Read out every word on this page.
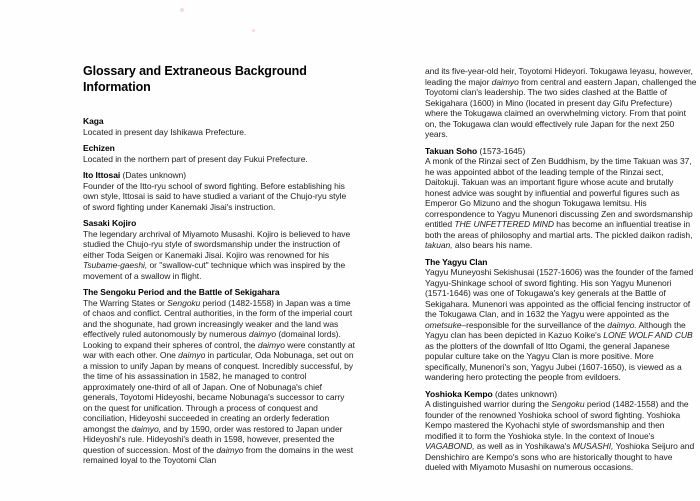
Glossary and Extraneous Background
Information
Kaga

Located in present day Ishikawa Prefecture.

Echizen

Located in the northern part of present day Fukui Prefecture.

Ito Ittosai (Dates unknown)

Founder of the Itto-ryu school of sword fighting. Before establishing his own style, Ittosai is said to have studied a variant of the Chujo-ryu style of sword fighting under Kanemaki Jisai's instruction.

Sasaki Kojiro

The legendary archrival of Miyamoto Musashi. Kojiro is believed to have studied the Chujo-ryu style of swordsmanship under the instruction of either Toda Seigen or Kanemaki Jisai. Kojiro was renowned for his Tsubame-gaeshi, or "swallow-cut" technique which was inspired by the movement of a swallow in flight.

The Sengoku Period and the Battle of Sekigahara

The Warring States or Sengoku period (1482-1558) in Japan was a time of chaos and conflict. Central authorities, in the form of the imperial court and the shogunate, had grown increasingly weaker and the land was effectively ruled autonomously by numerous daimyo (domainal lords). Looking to expand their spheres of control, the daimyo were constantly at war with each other. One daimyo in particular, Oda Nobunaga, set out on a mission to unify Japan by means of conquest. Incredibly successful, by the time of his assassination in 1582, he managed to control approximately one-third of all of Japan. One of Nobunaga's chief generals, Toyotomi Hideyoshi, became Nobunaga's successor to carry on the quest for unification. Through a process of conquest and conciliation, Hideyoshi succeeded in creating an orderly federation amongst the daimyo, and by 1590, order was restored to Japan under Hideyoshi's rule. Hideyoshi's death in 1598, however, presented the question of succession. Most of the daimyo from the domains in the west remained loyal to the Toyotomi Clan

and its five-year-old heir, Toyotomi Hideyori. Tokugawa Ieyasu, however, leading the major daimyo from central and eastern Japan, challenged the Toyotomi clan's leadership. The two sides clashed at the Battle of Sekigahara (1600) in Mino (located in present day Gifu Prefecture) where the Tokugawa claimed an overwhelming victory. From that point on, the Tokugawa clan would effectively rule Japan for the next 250 years.

Takuan Soho (1573-1645)

A monk of the Rinzai sect of Zen Buddhism, by the time Takuan was 37, he was appointed abbot of the leading temple of the Rinzai sect, Daitokuji. Takuan was an important figure whose acute and brutally honest advice was sought by influential and powerful figures such as Emperor Go Mizuno and the shogun Tokugawa Iemitsu. His correspondence to Yagyu Munenori discussing Zen and swordsmanship entitled THE UNFETTERED MIND has become an influential treatise in both the areas of philosophy and martial arts. The pickled daikon radish, takuan, also bears his name.

The Yagyu Clan

Yagyu Muneyoshi Sekishusai (1527-1606) was the founder of the famed Yagyu-Shinkage school of sword fighting. His son Yagyu Munenori (1571-1646) was one of Tokugawa's key generals at the Battle of Sekigahara. Munenori was appointed as the official fencing instructor of the Tokugawa Clan, and in 1632 the Yagyu were appointed as the ometsuke–responsible for the surveillance of the daimyo. Although the Yagyu clan has been depicted in Kazuo Koike's LONE WOLF AND CUB as the plotters of the downfall of Itto Ogami, the general Japanese popular culture take on the Yagyu Clan is more positive. More specifically, Munenori's son, Yagyu Jubei (1607-1650), is viewed as a wandering hero protecting the people from evildoers.

Yoshioka Kempo (dates unknown)

A distinguished warrior during the Sengoku period (1482-1558) and the founder of the renowned Yoshioka school of sword fighting. Yoshioka Kempo mastered the Kyohachi style of swordsmanship and then modified it to form the Yoshioka style. In the context of Inoue's VAGABOND, as well as in Yoshikawa's MUSASHI, Yoshioka Seijuro and Denshichiro are Kempo's sons who are historically thought to have dueled with Miyamoto Musashi on numerous occasions.
